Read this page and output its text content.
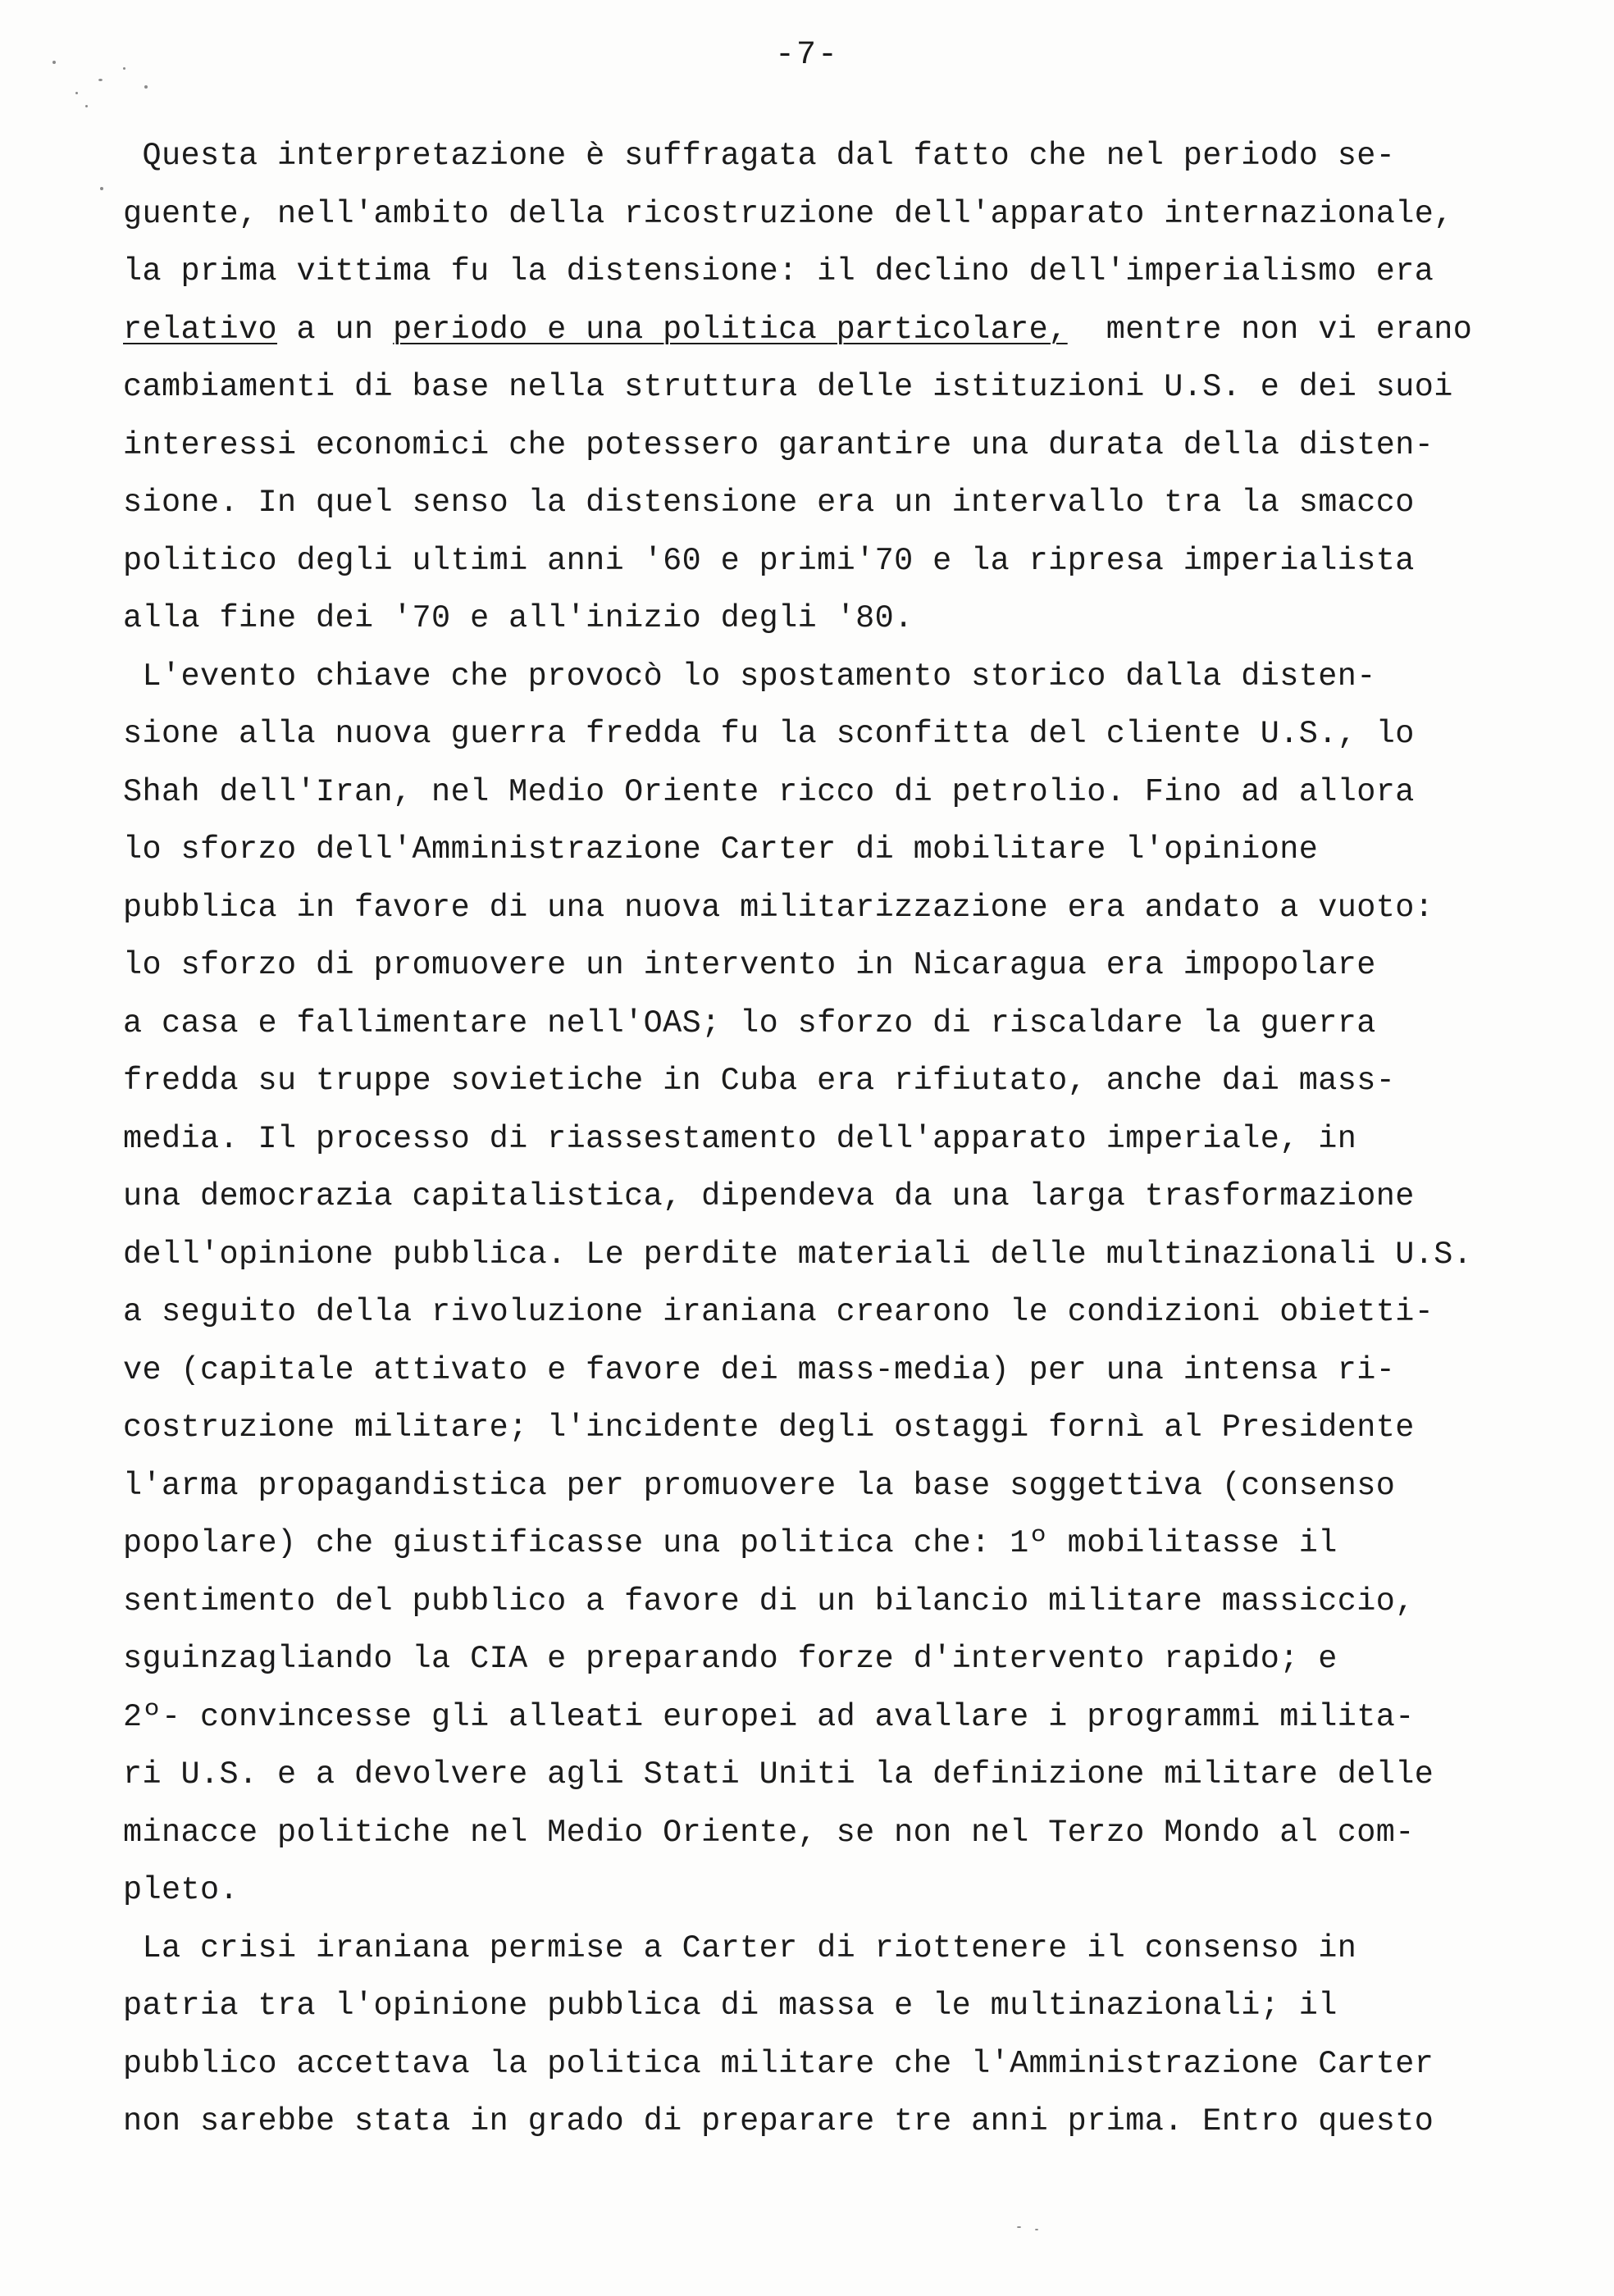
-7-
Questa interpretazione è suffragata dal fatto che nel periodo se-
guente, nell'ambito della ricostruzione dell'apparato internazionale,
la prima vittima fu la distensione: il declino dell'imperialismo era
relativo a un periodo e una politica particolare,  mentre non vi erano
cambiamenti di base nella struttura delle istituzioni U.S. e dei suoi
interessi economici che potessero garantire una durata della disten-
sione. In quel senso la distensione era un intervallo tra la smacco
politico degli ultimi anni '60 e primi'70 e la ripresa imperialista
alla fine dei '70 e all'inizio degli '80.
L'evento chiave che provocò lo spostamento storico dalla disten-
sione alla nuova guerra fredda fu la sconfitta del cliente U.S., lo
Shah dell'Iran, nel Medio Oriente ricco di petrolio. Fino ad allora
lo sforzo dell'Amministrazione Carter di mobilitare l'opinione
pubblica in favore di una nuova militarizzazione era andato a vuoto:
lo sforzo di promuovere un intervento in Nicaragua era impopolare
a casa e fallimentare nell'OAS; lo sforzo di riscaldare la guerra
fredda su truppe sovietiche in Cuba era rifiutato, anche dai mass-
media. Il processo di riassestamento dell'apparato imperiale, in
una democrazia capitalistica, dipendeva da una larga trasformazione
dell'opinione pubblica. Le perdite materiali delle multinazionali U.S.
a seguito della rivoluzione iraniana crearono le condizioni obietti-
ve (capitale attivato e favore dei mass-media) per una intensa ri-
costruzione militare; l'incidente degli ostaggi fornì al Presidente
l'arma propagandistica per promuovere la base soggettiva (consenso
popolare) che giustificasse una politica che: 1º mobilitasse il
sentimento del pubblico a favore di un bilancio militare massiccio,
sguinzagliando la CIA e preparando forze d'intervento rapido; e
2º- convincesse gli alleati europei ad avallare i programmi milita-
ri U.S. e a devolvere agli Stati Uniti la definizione militare delle
minacce politiche nel Medio Oriente, se non nel Terzo Mondo al com-
pleto.
La crisi iraniana permise a Carter di riottenere il consenso in
patria tra l'opinione pubblica di massa e le multinazionali; il
pubblico accettava la politica militare che l'Amministrazione Carter
non sarebbe stata in grado di preparare tre anni prima. Entro questo
